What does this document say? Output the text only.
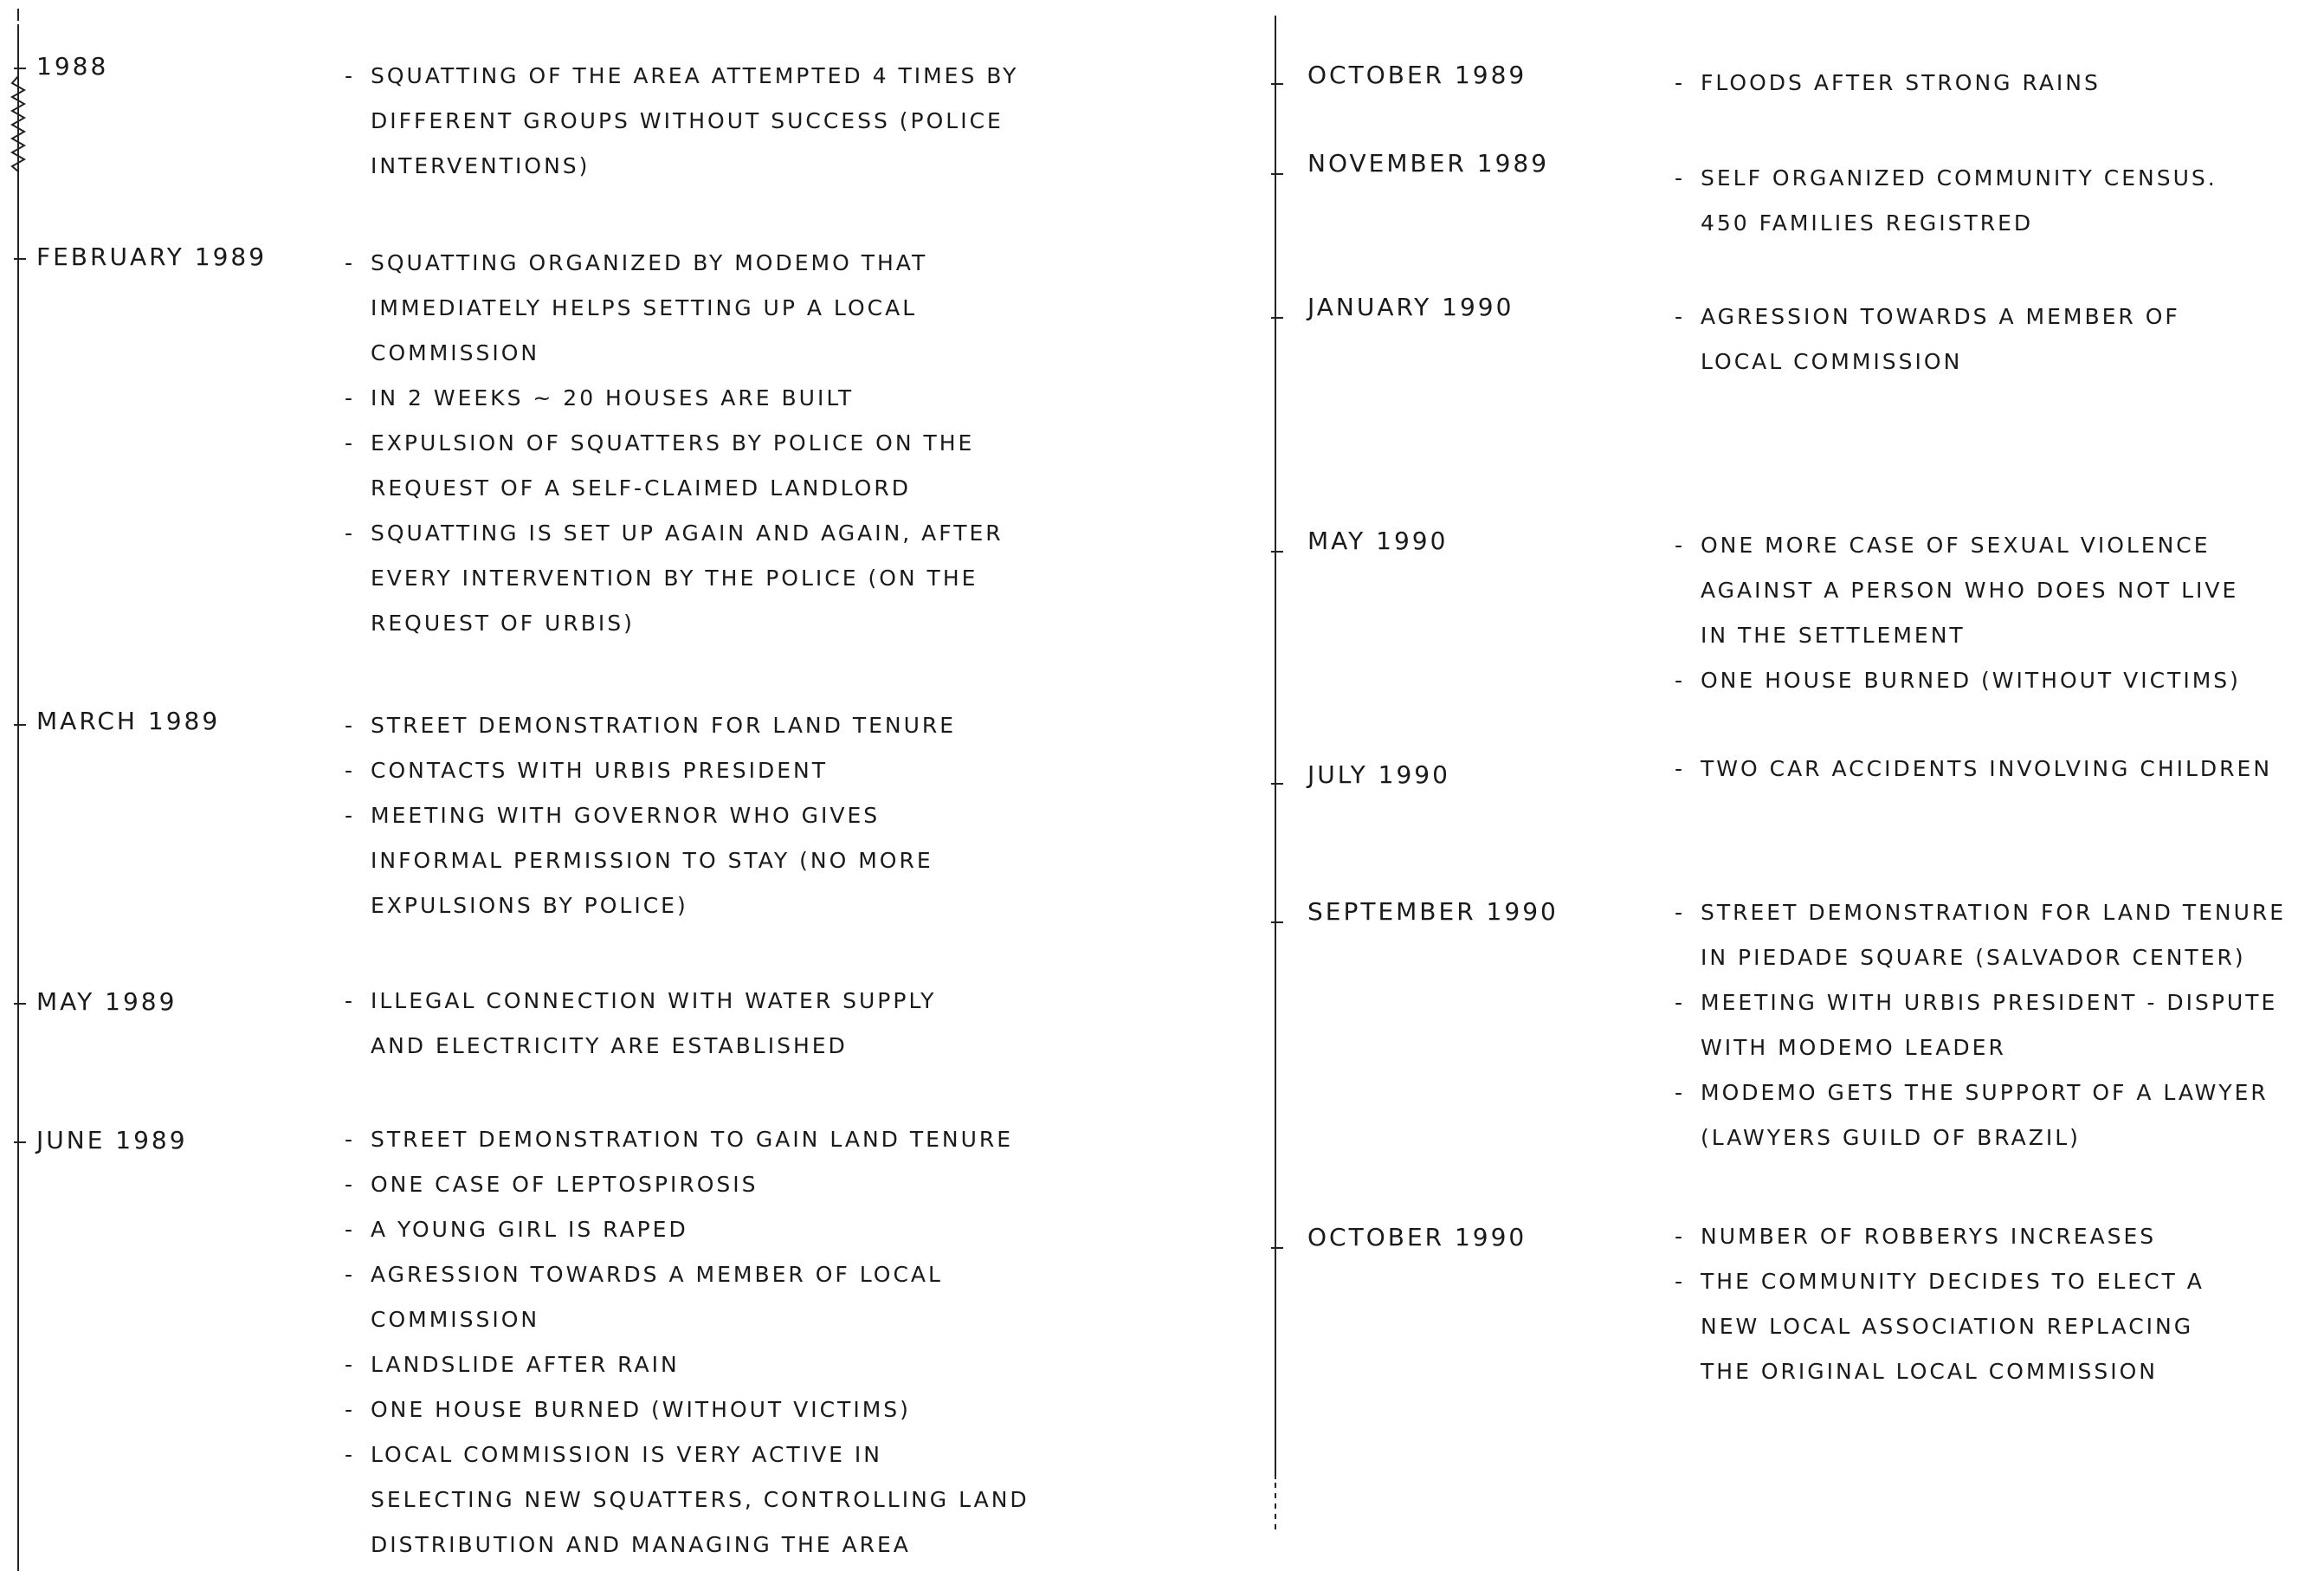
1988	- SQUATTING OF THE AREA ATTEMPTED 4 TIMES BY
DIFFERENT GROUPS WITHOUT SUCCESS (POLICE
INTERVENTIONS)
FEBRUARY 1989	- SQUATTING ORGANIZED BY MODEMO THAT
IMMEDIATELY HELPS SETTING UP A LOCAL
COMMISSION
- IN 2 WEEKS ~ 20 HOUSES ARE BUILT
- EXPULSION OF SQUATTERS BY POLICE ON THE
REQUEST OF A SELF-CLAIMED LANDLORD
- SQUATTING IS SET UP AGAIN AND AGAIN, AFTER
EVERY INTERVENTION BY THE POLICE (ON THE
REQUEST OF URBIS)
MARCH 1989	- STREET DEMONSTRATION FOR LAND TENURE
- CONTACTS WITH URBIS PRESIDENT
- MEETING WITH GOVERNOR WHO GIVES
INFORMAL PERMISSION TO STAY (NO MORE
EXPULSIONS BY POLICE)
MAY 1989	- ILLEGAL CONNECTION WITH WATER SUPPLY
AND ELECTRICITY ARE ESTABLISHED
JUNE 1989	- STREET DEMONSTRATION TO GAIN LAND TENURE
- ONE CASE OF LEPTOSPIROSIS
- A YOUNG GIRL IS RAPED
- AGRESSION TOWARDS A MEMBER OF LOCAL
COMMISSION
- LANDSLIDE AFTER RAIN
- ONE HOUSE BURNED (WITHOUT VICTIMS)
- LOCAL COMMISSION IS VERY ACTIVE IN
SELECTING NEW SQUATTERS, CONTROLLING LAND
DISTRIBUTION AND MANAGING THE AREA
OCTOBER 1989	- FLOODS AFTER STRONG RAINS
NOVEMBER 1989
- SELF ORGANIZED COMMUNITY CENSUS.
450 FAMILIES REGISTRED
JANUARY 1990	- AGRESSION TOWARDS A MEMBER OF
LOCAL COMMISSION
MAY 1990	- ONE MORE CASE OF SEXUAL VIOLENCE
AGAINST A PERSON WHO DOES NOT LIVE
IN THE SETTLEMENT
- ONE HOUSE BURNED (WITHOUT VICTIMS)
JULY 1990	- TWO CAR ACCIDENTS INVOLVING CHILDREN
SEPTEMBER 1990	- STREET DEMONSTRATION FOR LAND TENURE
IN PIEDADE SQUARE (SALVADOR CENTER)
- MEETING WITH URBIS PRESIDENT - DISPUTE
WITH MODEMO LEADER
- MODEMO GETS THE SUPPORT OF A LAWYER
(LAWYERS GUILD OF BRAZIL)
OCTOBER 1990	- NUMBER OF ROBBERYS INCREASES
- THE COMMUNITY DECIDES TO ELECT A
NEW LOCAL ASSOCIATION REPLACING
THE ORIGINAL LOCAL COMMISSION
